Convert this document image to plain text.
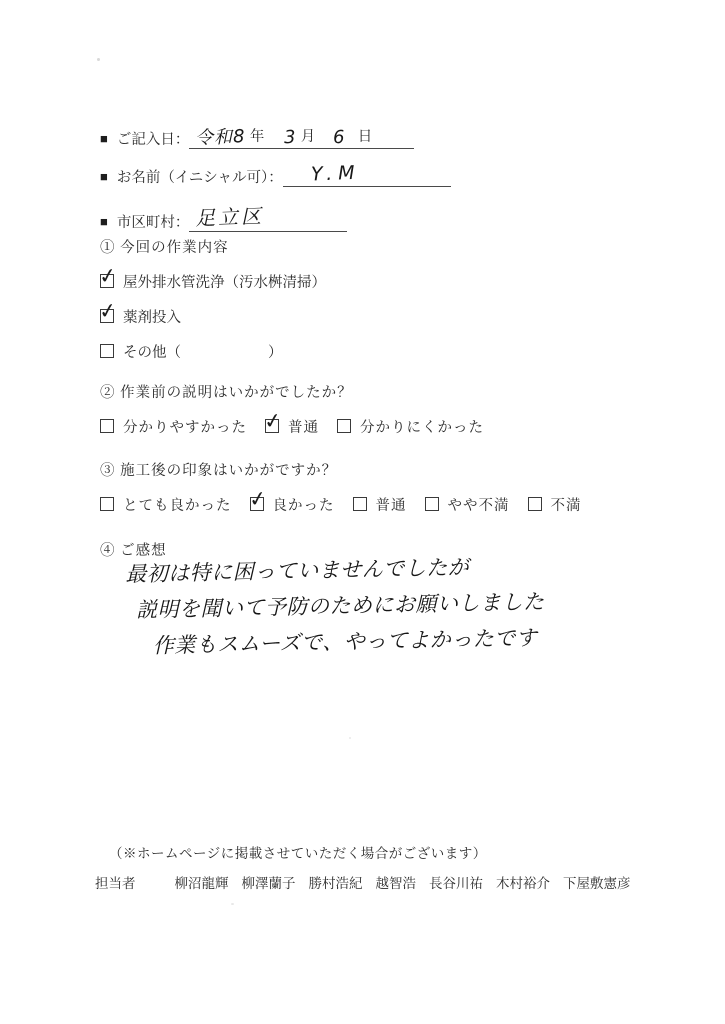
■ ご記入日： 令和8 年 3 月 6 日
■ お名前（イニシャル可）： Y.M
■ 市区町村： 足立区
① 今回の作業内容
✓屋外排水管洗浄（汚水桝清掃）
✓薬剤投入
その他（　　　　　　）
② 作業前の説明はいかがでしたか？
分かりやすかった ✓	普通	分かりにくかった
③ 施工後の印象はいかがですか？
とても良かった ✓	良かった	普通	やや不満	不満
④ ご感想
最初は特に困っていませんでしたが
説明を聞いて予防のためにお願いしました
作業もスムーズで、やってよかったです
（※ホームページに掲載させていただく場合がございます）
担当者	柳沼龍輝 柳澤蘭子 勝村浩紀 越智浩 長谷川祐 木村裕介 下屋敷憲彦
